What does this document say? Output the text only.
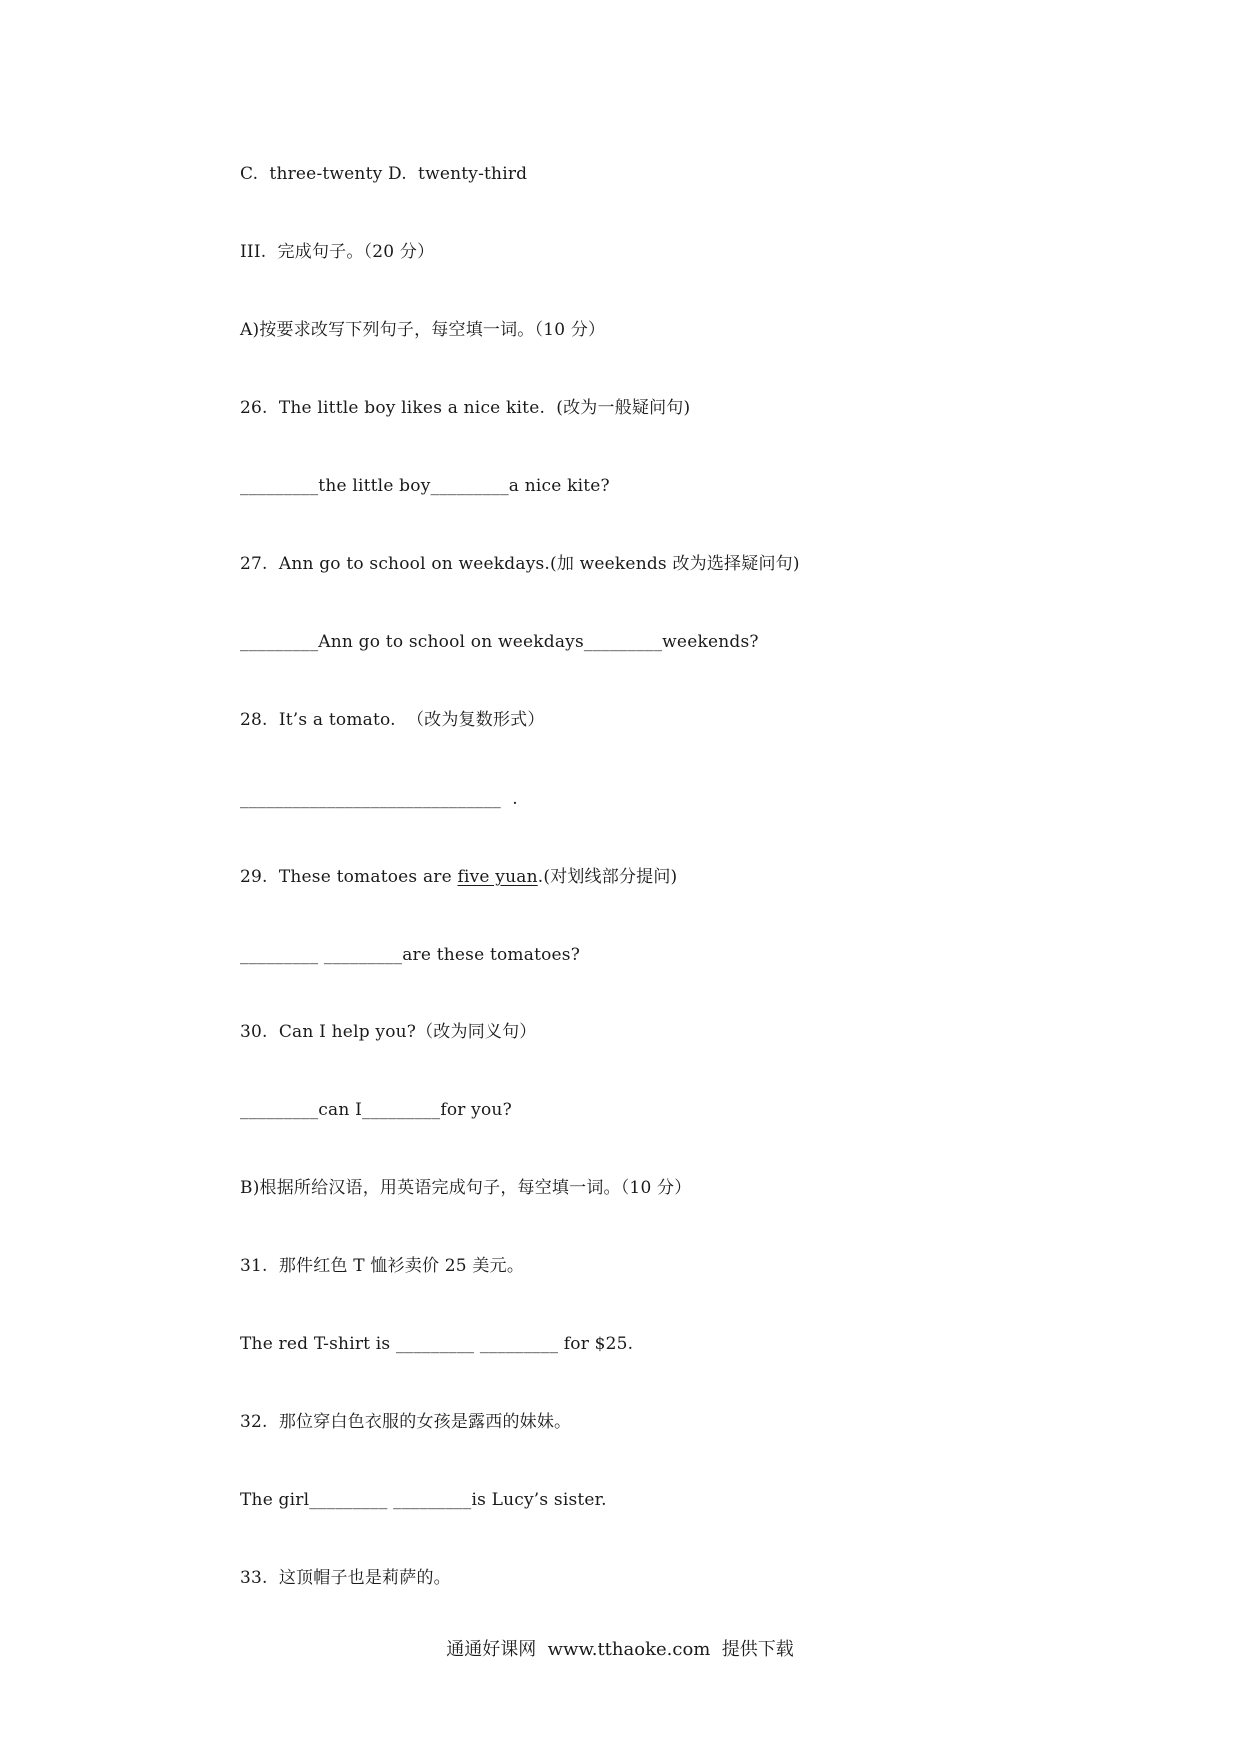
C.  three-twenty D.  twenty-third
III.  完成句子。（20 分）
A)按要求改写下列句子，每空填一词。（10 分）
26.  The little boy likes a nice kite.  (改为一般疑问句)
_________the little boy_________a nice kite?
27.  Ann go to school on weekdays.(加 weekends 改为选择疑问句)
_________Ann go to school on weekdays_________weekends?
28.  It’s a tomato.  （改为复数形式）
______________________________  .
29.  These tomatoes are five yuan.(对划线部分提问)
_________ _________are these tomatoes?
30.  Can I help you?（改为同义句）
_________can I_________for you?
B)根据所给汉语，用英语完成句子，每空填一词。（10 分）
31.  那件红色 T 恤衫卖价 25 美元。
The red T-shirt is _________ _________ for $25.
32.  那位穿白色衣服的女孩是露西的妹妹。
The girl_________ _________is Lucy’s sister.
33.  这顶帽子也是莉萨的。
通通好课网  www.tthaoke.com  提供下载
